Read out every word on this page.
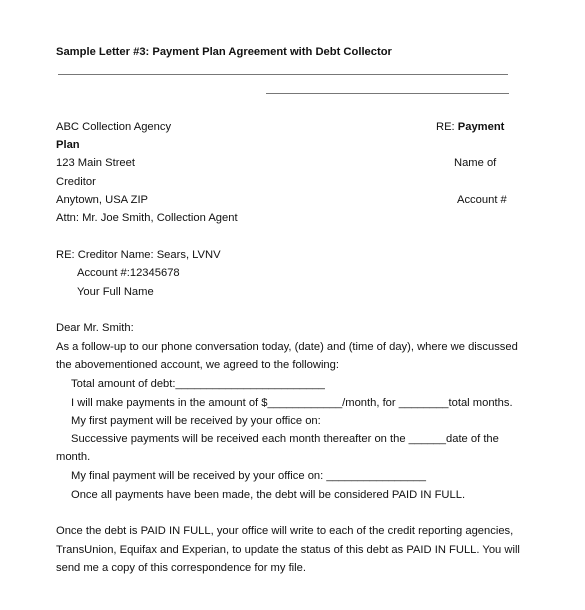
Sample Letter #3: Payment Plan Agreement with Debt Collector
ABC Collection Agency
Plan
123 Main Street
Creditor
Anytown, USA ZIP
Attn: Mr. Joe Smith, Collection Agent
RE: Payment
Name of
Account #
RE: Creditor Name: Sears, LVNV
Account #:12345678
Your Full Name
Dear Mr. Smith:
As a follow-up to our phone conversation today, (date) and (time of day), where we discussed
the abovementioned account, we agreed to the following:
Total amount of debt:________________________
I will make payments in the amount of $____________/month, for ________total months.
My first payment will be received by your office on:
Successive payments will be received each month thereafter on the ______date of the
month.
My final payment will be received by your office on: ________________
Once all payments have been made, the debt will be considered PAID IN FULL.
Once the debt is PAID IN FULL, your office will write to each of the credit reporting agencies,
TransUnion, Equifax and Experian, to update the status of this debt as PAID IN FULL. You will
send me a copy of this correspondence for my file.
